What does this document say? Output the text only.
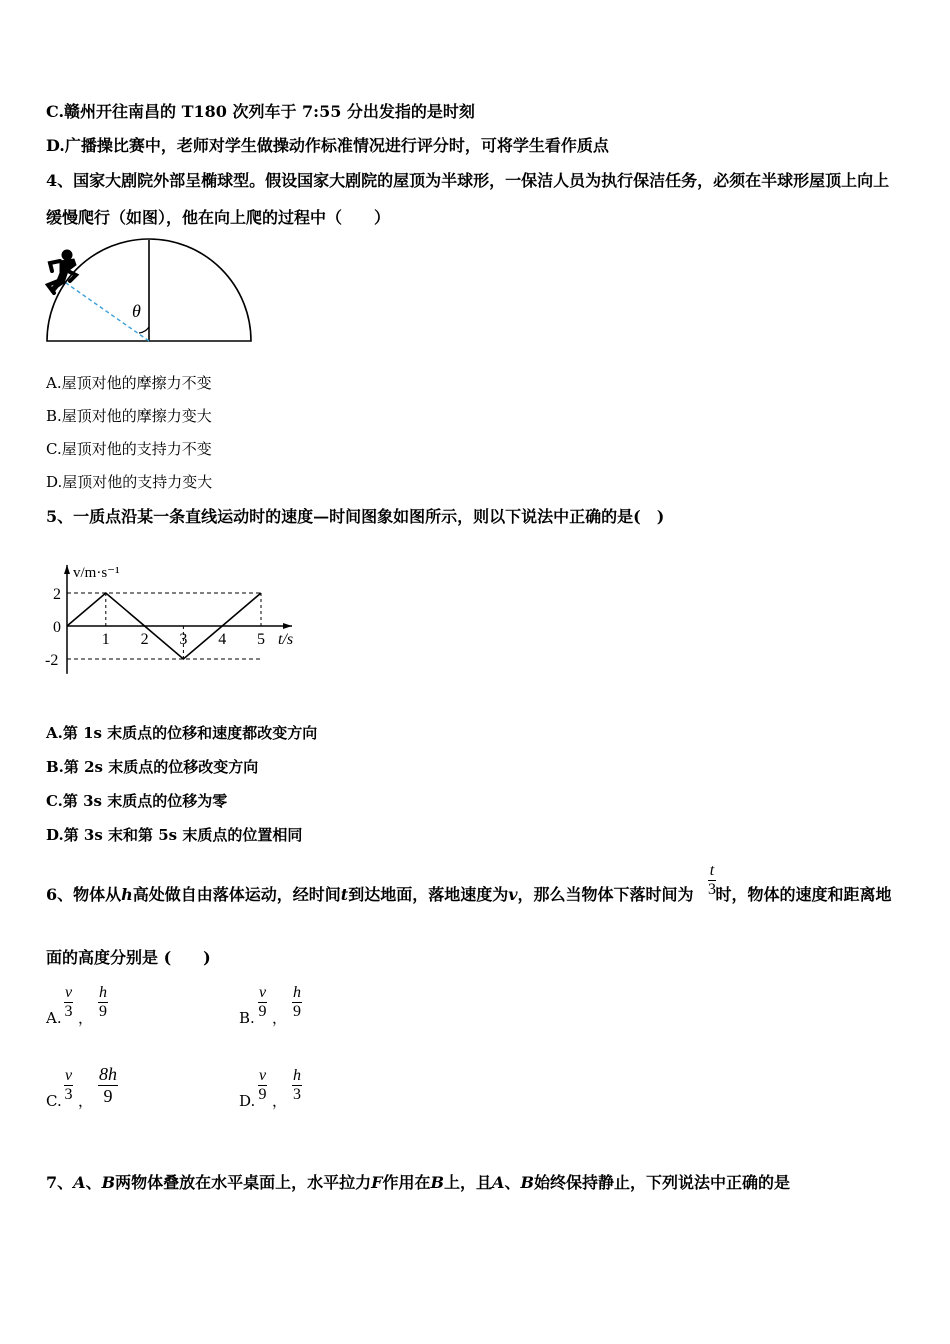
C.赣州开往南昌的 T180 次列车于 7:55 分出发指的是时刻
D.广播操比赛中，老师对学生做操动作标准情况进行评分时，可将学生看作质点
4、国家大剧院外部呈椭球型。假设国家大剧院的屋顶为半球形，一保洁人员为执行保洁任务，必须在半球形屋顶上向上
缓慢爬行（如图），他在向上爬的过程中（　　）
θ
A.屋顶对他的摩擦力不变
B.屋顶对他的摩擦力变大
C.屋顶对他的支持力不变
D.屋顶对他的支持力变大
5、一质点沿某一条直线运动时的速度—时间图象如图所示，则以下说法中正确的是(　)
1 2 3 4 5
2
0
-2
t/s
v/m·s⁻¹
A.第 1s 末质点的位移和速度都改变方向
B.第 2s 末质点的位移改变方向
C.第 3s 末质点的位移为零
D.第 3s 末和第 5s 末质点的位置相同
6、物体从h高处做自由落体运动，经时间t到达地面，落地速度为v，那么当物体下落时间为 时，物体的速度和距离地
t
3
面的高度分别是 (　　)
A.
v
3 ，
h
9	B.
v
9 ，
h
9
C.
v
3 ，
8h
9	D.
v
9 ，
h
3
7、A、B两物体叠放在水平桌面上，水平拉力F作用在B上，且A、B始终保持静止，下列说法中正确的是
